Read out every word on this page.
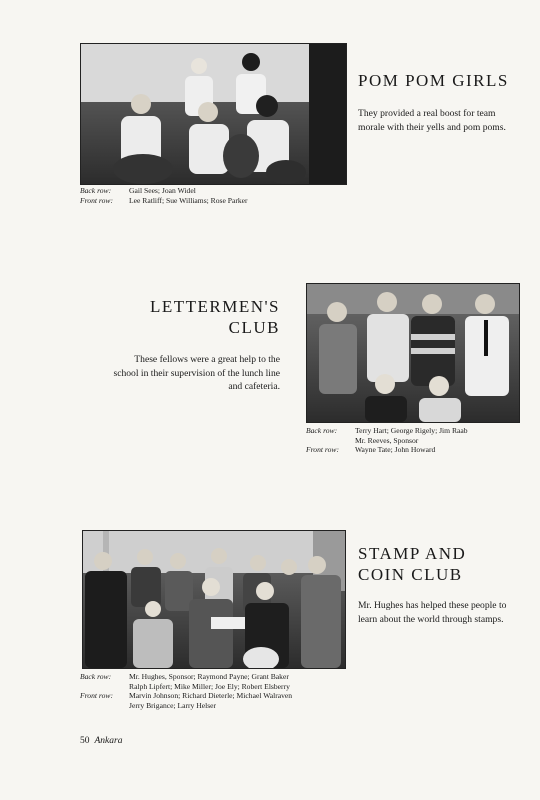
POM POM GIRLS

They provided a real boost for team morale with their yells and pom poms.

Back row:	Gail Sees; Joan Widel
Front row:	Lee Ratliff; Sue Williams; Rose Parker
LETTERMEN'S
CLUB

These fellows were a great help to the school in their supervision of the lunch line and cafeteria.

Back row:	Terry Hart; George Rigely; Jim Raab
Mr. Reeves, Sponsor
Front row:	Wayne Tate; John Howard
STAMP AND
COIN CLUB

Mr. Hughes has helped these people to learn about the world through stamps.

Back row:	Mr. Hughes, Sponsor; Raymond Payne; Grant Baker
Ralph Lipfert; Mike Miller; Joe Ely; Robert Elsberry
Front row:	Marvin Johnson; Richard Dieterle; Michael Walraven
Jerry Brigance; Larry Helser
50 Ankara
